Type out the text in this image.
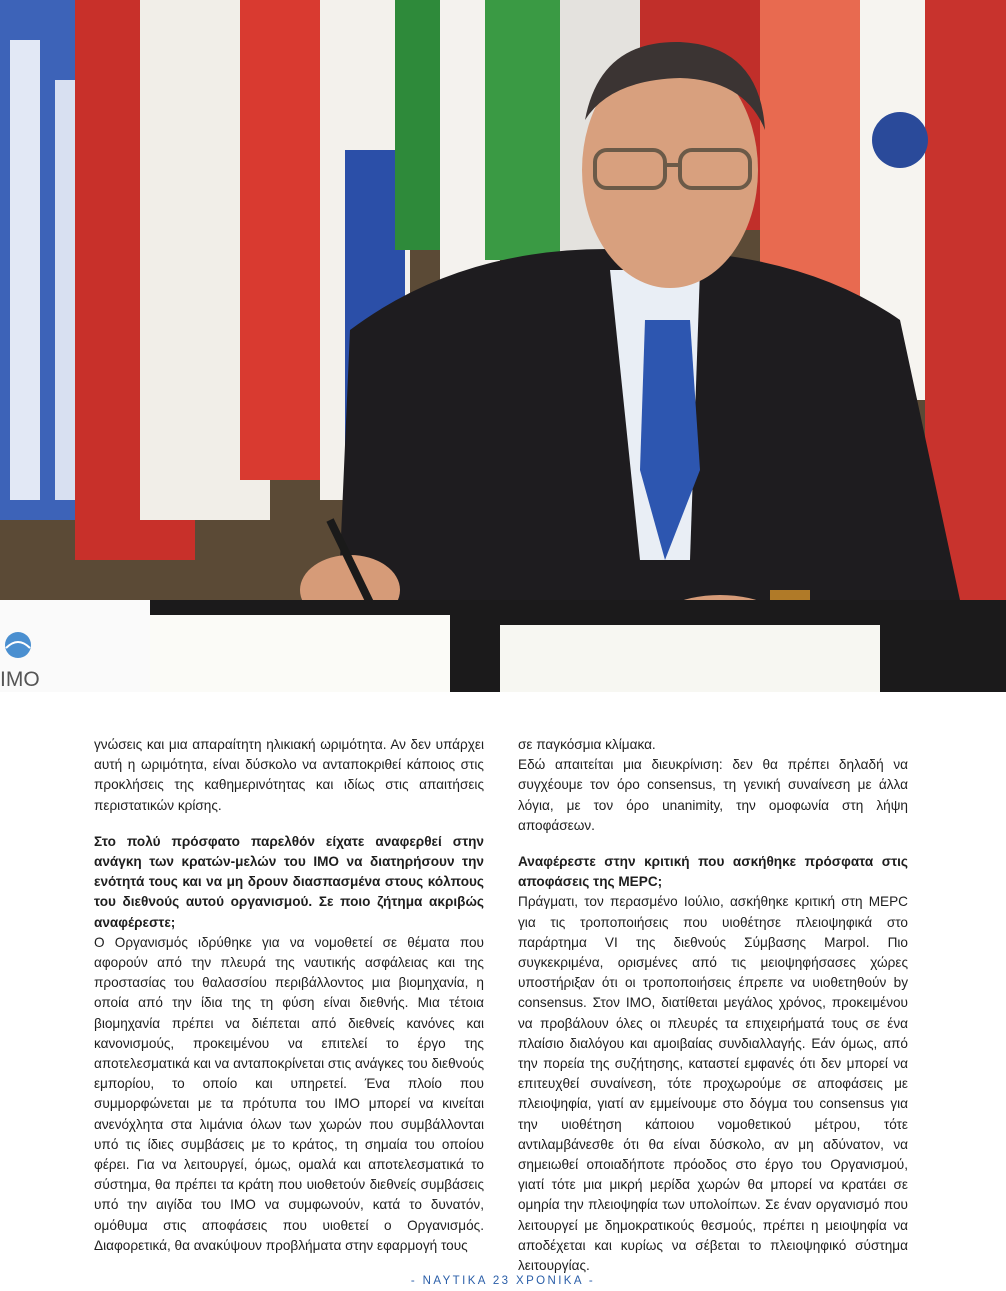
IMO

γνώσεις και μια απαραίτητη ηλικιακή ωριμότητα. Αν δεν υπάρχει αυτή η ωριμότητα, είναι δύσκολο να ανταποκριθεί κάποιος στις προκλήσεις της καθημερινότητας και ιδίως στις απαιτήσεις περιστατικών κρίσης.

Στο πολύ πρόσφατο παρελθόν είχατε αναφερθεί στην ανάγκη των κρατών-μελών του ΙΜΟ να διατηρήσουν την ενότητά τους και να μη δρουν διασπασμένα στους κόλπους του διεθνούς αυτού οργανισμού. Σε ποιο ζήτημα ακριβώς αναφέρεστε;

Ο Οργανισμός ιδρύθηκε για να νομοθετεί σε θέματα που αφορούν από την πλευρά της ναυτικής ασφάλειας και της προστασίας του θαλασσίου περιβάλλοντος μια βιομηχανία, η οποία από την ίδια της τη φύση είναι διεθνής. Μια τέτοια βιομηχανία πρέπει να διέπεται από διεθνείς κανόνες και κανονισμούς, προκειμένου να επιτελεί το έργο της αποτελεσματικά και να ανταποκρίνεται στις ανάγκες του διεθνούς εμπορίου, το οποίο και υπηρετεί. Ένα πλοίο που συμμορφώνεται με τα πρότυπα του ΙΜΟ μπορεί να κινείται ανενόχλητα στα λιμάνια όλων των χωρών που συμβάλλονται υπό τις ίδιες συμβάσεις με το κράτος, τη σημαία του οποίου φέρει. Για να λειτουργεί, όμως, ομαλά και αποτελεσματικά το σύστημα, θα πρέπει τα κράτη που υιοθετούν διεθνείς συμβάσεις υπό την αιγίδα του ΙΜΟ να συμφωνούν, κατά το δυνατόν, ομόθυμα στις αποφάσεις που υιοθετεί ο Οργανισμός. Διαφορετικά, θα ανακύψουν προβλήματα στην εφαρμογή τους

σε παγκόσμια κλίμακα.

Εδώ απαιτείται μια διευκρίνιση: δεν θα πρέπει δηλαδή να συγχέουμε τον όρο consensus, τη γενική συναίνεση με άλλα λόγια, με τον όρο unanimity, την ομοφωνία στη λήψη αποφάσεων.

Αναφέρεστε στην κριτική που ασκήθηκε πρόσφατα στις αποφάσεις της MEPC;

Πράγματι, τον περασμένο Ιούλιο, ασκήθηκε κριτική στη MEPC για τις τροποποιήσεις που υιοθέτησε πλειοψηφικά στο παράρτημα VI της διεθνούς Σύμβασης Marpol. Πιο συγκεκριμένα, ορισμένες από τις μειοψηφήσασες χώρες υποστήριξαν ότι οι τροποποιήσεις έπρεπε να υιοθετηθούν by consensus. Στον ΙΜΟ, διατίθεται μεγάλος χρόνος, προκειμένου να προβάλουν όλες οι πλευρές τα επιχειρήματά τους σε ένα πλαίσιο διαλόγου και αμοιβαίας συνδιαλλαγής. Εάν όμως, από την πορεία της συζήτησης, καταστεί εμφανές ότι δεν μπορεί να επιτευχθεί συναίνεση, τότε προχωρούμε σε αποφάσεις με πλειοψηφία, γιατί αν εμμείνουμε στο δόγμα του consensus για την υιοθέτηση κάποιου νομοθετικού μέτρου, τότε αντιλαμβάνεσθε ότι θα είναι δύσκολο, αν μη αδύνατον, να σημειωθεί οποιαδήποτε πρόοδος στο έργο του Οργανισμού, γιατί τότε μια μικρή μερίδα χωρών θα μπορεί να κρατάει σε ομηρία την πλειοψηφία των υπολοίπων. Σε έναν οργανισμό που λειτουργεί με δημοκρατικούς θεσμούς, πρέπει η μειοψηφία να αποδέχεται και κυρίως να σέβεται το πλειοψηφικό σύστημα λειτουργίας.

- ΝΑΥΤΙΚΑ 23 ΧΡΟΝΙΚΑ -
